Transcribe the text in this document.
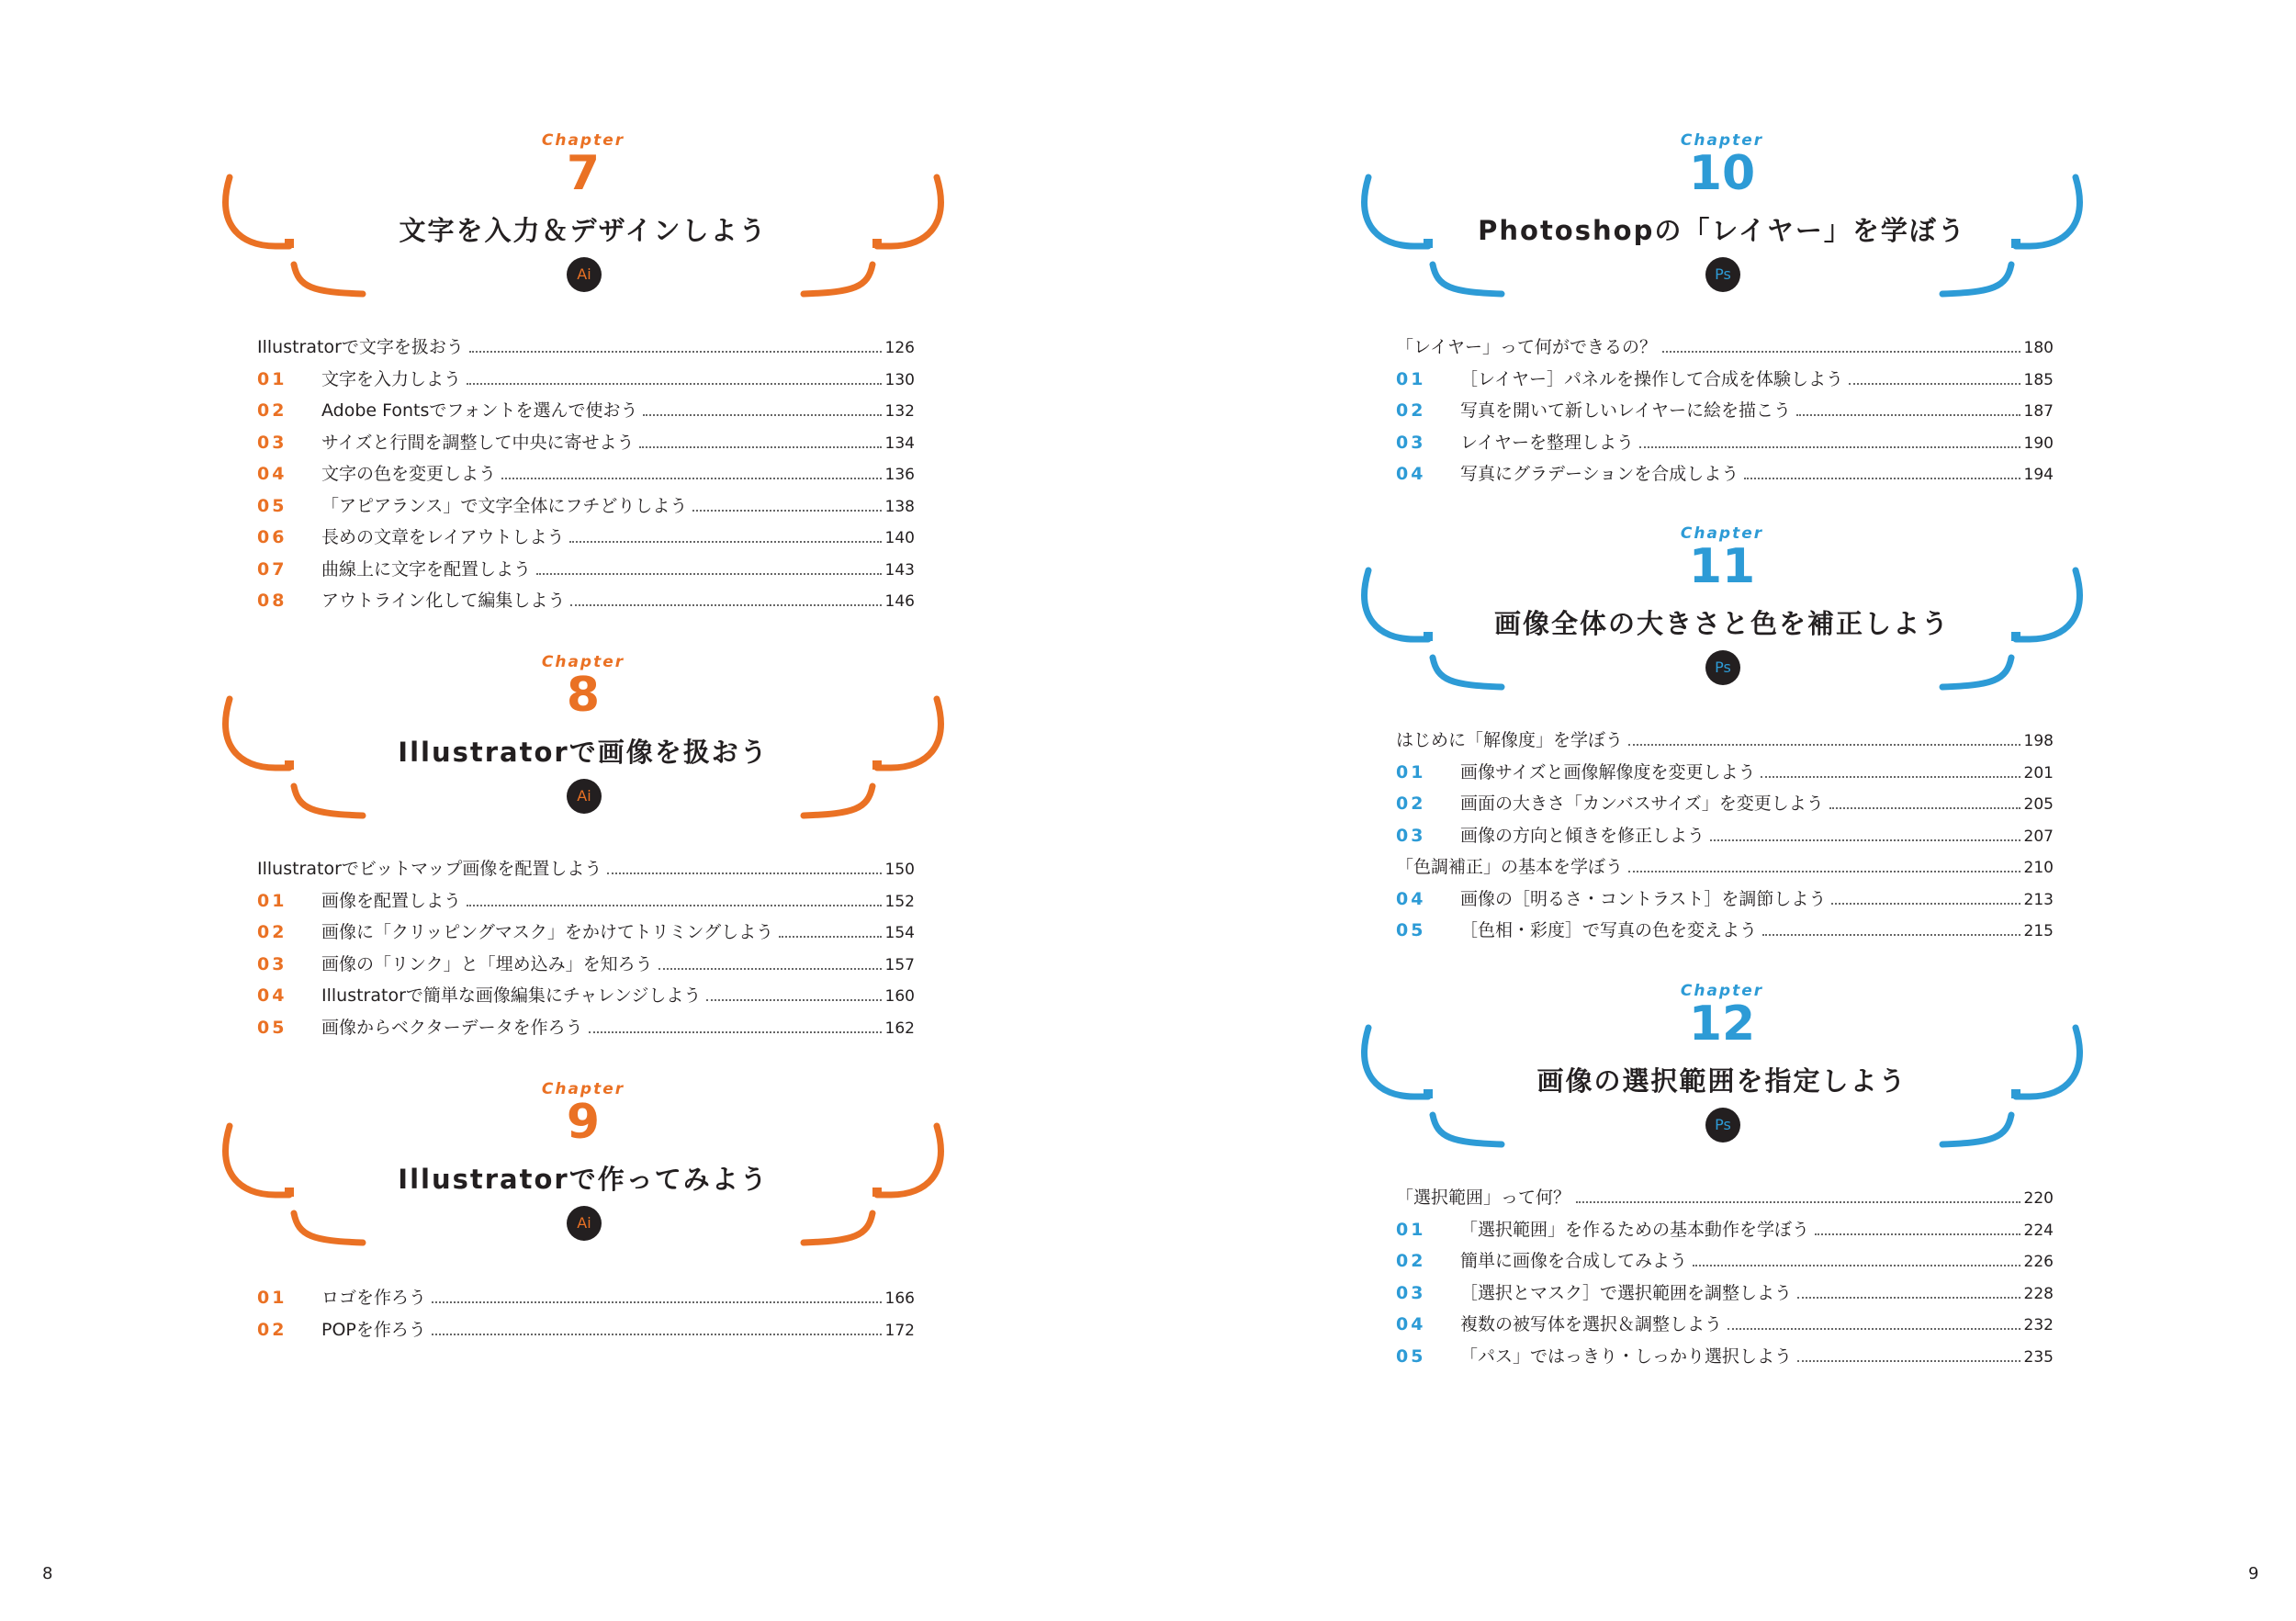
Chapter
7
文字を入力＆デザインしよう
Ai
Illustratorで文字を扱おう	126
01	文字を入力しよう	130
02	Adobe Fontsでフォントを選んで使おう	132
03	サイズと行間を調整して中央に寄せよう	134
04	文字の色を変更しよう	136
05	「アピアランス」で文字全体にフチどりしよう	138
06	長めの文章をレイアウトしよう	140
07	曲線上に文字を配置しよう	143
08	アウトライン化して編集しよう	146
Chapter
8
Illustratorで画像を扱おう
Ai
Illustratorでビットマップ画像を配置しよう	150
01	画像を配置しよう	152
02	画像に「クリッピングマスク」をかけてトリミングしよう	154
03	画像の「リンク」と「埋め込み」を知ろう	157
04	Illustratorで簡単な画像編集にチャレンジしよう	160
05	画像からベクターデータを作ろう	162
Chapter
9
Illustratorで作ってみよう
Ai
01	ロゴを作ろう	166
02	POPを作ろう	172
8
Chapter
10
Photoshopの「レイヤー」を学ぼう
Ps
「レイヤー」って何ができるの？	180
01	［レイヤー］パネルを操作して合成を体験しよう	185
02	写真を開いて新しいレイヤーに絵を描こう	187
03	レイヤーを整理しよう	190
04	写真にグラデーションを合成しよう	194
Chapter
11
画像全体の大きさと色を補正しよう
Ps
はじめに「解像度」を学ぼう	198
01	画像サイズと画像解像度を変更しよう	201
02	画面の大きさ「カンバスサイズ」を変更しよう	205
03	画像の方向と傾きを修正しよう	207
「色調補正」の基本を学ぼう	210
04	画像の［明るさ・コントラスト］を調節しよう	213
05	［色相・彩度］で写真の色を変えよう	215
Chapter
12
画像の選択範囲を指定しよう
Ps
「選択範囲」って何？	220
01	「選択範囲」を作るための基本動作を学ぼう	224
02	簡単に画像を合成してみよう	226
03	［選択とマスク］で選択範囲を調整しよう	228
04	複数の被写体を選択＆調整しよう	232
05	「パス」ではっきり・しっかり選択しよう	235
9
